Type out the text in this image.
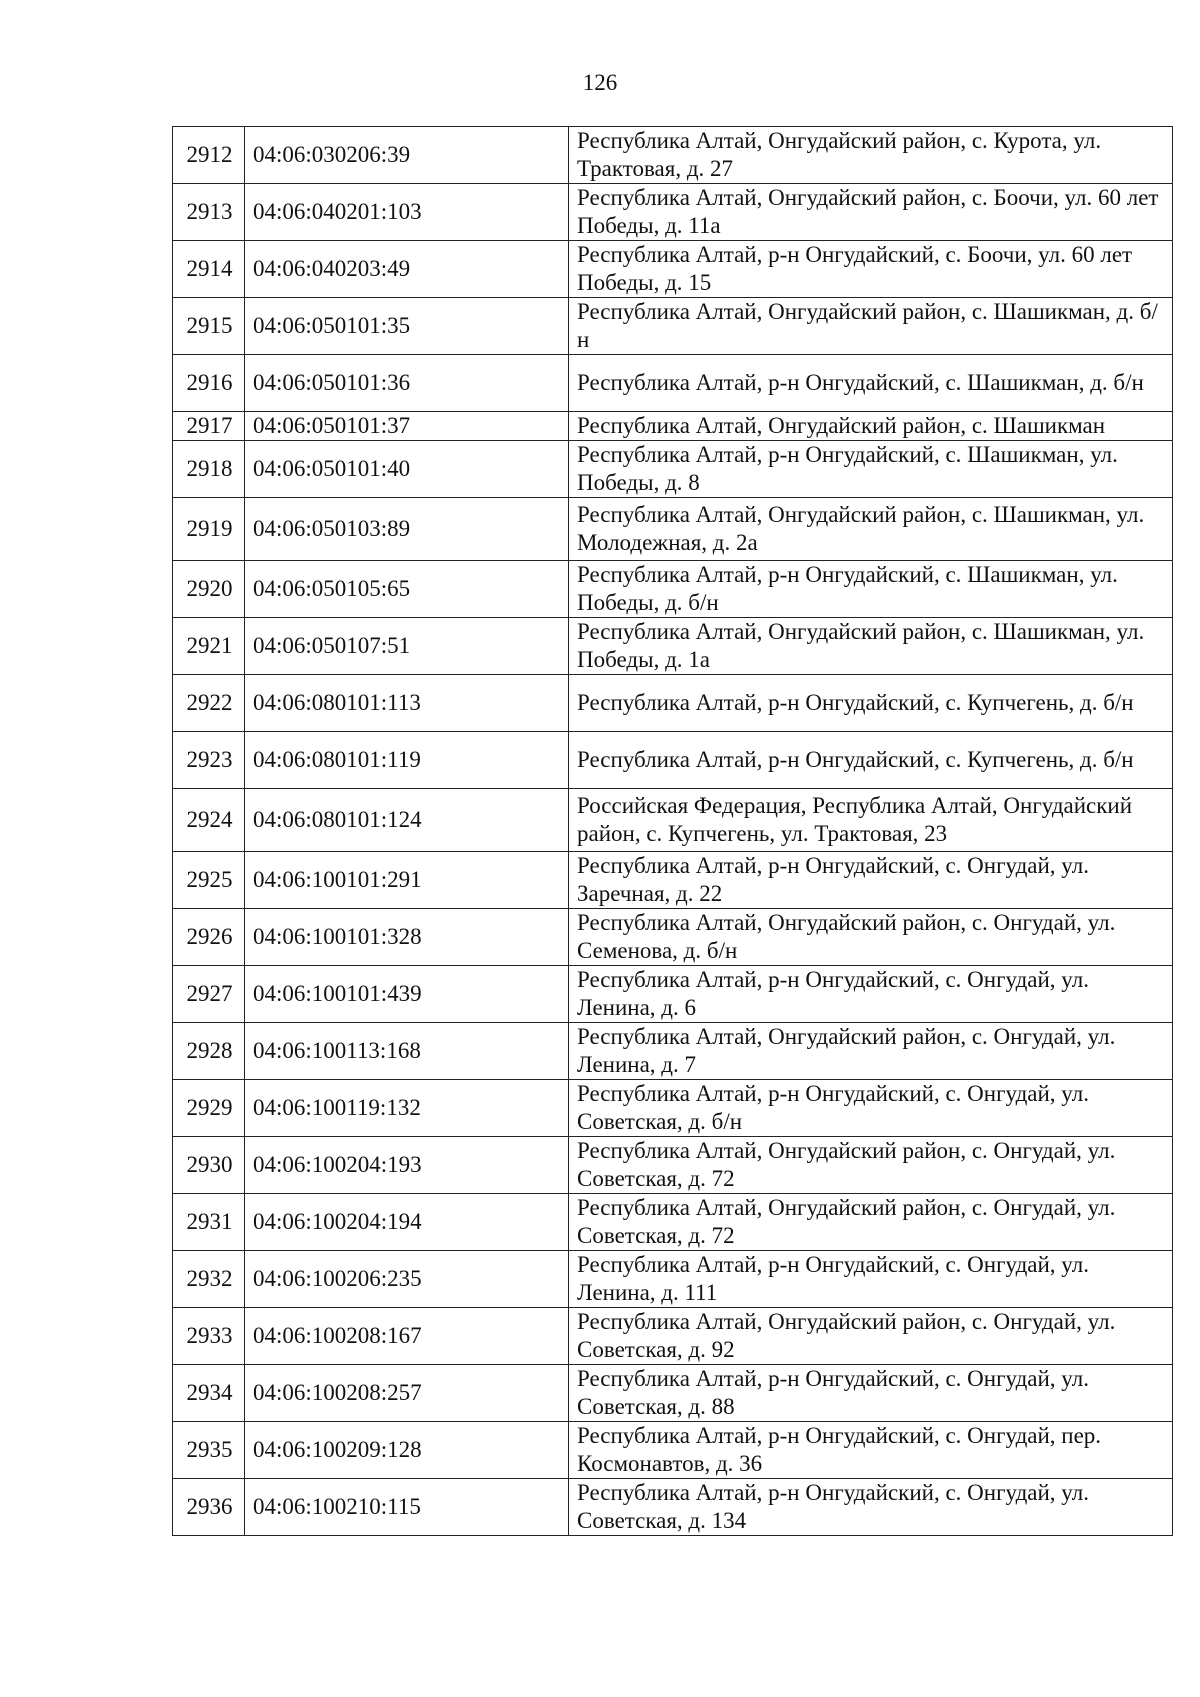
126
2912	04:06:030206:39	Республика Алтай, Онгудайский район, с. Курота, ул. Трактовая, д. 27
2913	04:06:040201:103	Республика Алтай, Онгудайский район, с. Боочи, ул. 60 лет Победы, д. 11а
2914	04:06:040203:49	Республика Алтай, р-н Онгудайский, с. Боочи, ул. 60 лет Победы, д. 15
2915	04:06:050101:35	Республика Алтай, Онгудайский район, с. Шашикман, д. б/н
2916	04:06:050101:36	Республика Алтай, р-н Онгудайский, с. Шашикман, д. б/н
2917	04:06:050101:37	Республика Алтай, Онгудайский район, с. Шашикман
2918	04:06:050101:40	Республика Алтай, р-н Онгудайский, с. Шашикман, ул. Победы, д. 8
2919	04:06:050103:89	Республика Алтай, Онгудайский район, с. Шашикман, ул. Молодежная, д. 2а
2920	04:06:050105:65	Республика Алтай, р-н Онгудайский, с. Шашикман, ул. Победы, д. б/н
2921	04:06:050107:51	Республика Алтай, Онгудайский район, с. Шашикман, ул. Победы, д. 1а
2922	04:06:080101:113	Республика Алтай, р-н Онгудайский, с. Купчегень, д. б/н
2923	04:06:080101:119	Республика Алтай, р-н Онгудайский, с. Купчегень, д. б/н
2924	04:06:080101:124	Российская Федерация, Республика Алтай, Онгудайский район, с. Купчегень, ул. Трактовая, 23
2925	04:06:100101:291	Республика Алтай, р-н Онгудайский, с. Онгудай, ул. Заречная, д. 22
2926	04:06:100101:328	Республика Алтай, Онгудайский район, с. Онгудай, ул. Семенова, д. б/н
2927	04:06:100101:439	Республика Алтай, р-н Онгудайский, с. Онгудай, ул. Ленина, д. 6
2928	04:06:100113:168	Республика Алтай, Онгудайский район, с. Онгудай, ул. Ленина, д. 7
2929	04:06:100119:132	Республика Алтай, р-н Онгудайский, с. Онгудай, ул. Советская, д. б/н
2930	04:06:100204:193	Республика Алтай, Онгудайский район, с. Онгудай, ул. Советская, д. 72
2931	04:06:100204:194	Республика Алтай, Онгудайский район, с. Онгудай, ул. Советская, д. 72
2932	04:06:100206:235	Республика Алтай, р-н Онгудайский, с. Онгудай, ул. Ленина, д. 111
2933	04:06:100208:167	Республика Алтай, Онгудайский район, с. Онгудай, ул. Советская, д. 92
2934	04:06:100208:257	Республика Алтай, р-н Онгудайский, с. Онгудай, ул. Советская, д. 88
2935	04:06:100209:128	Республика Алтай, р-н Онгудайский, с. Онгудай, пер. Космонавтов, д. 36
2936	04:06:100210:115	Республика Алтай, р-н Онгудайский, с. Онгудай, ул. Советская, д. 134
